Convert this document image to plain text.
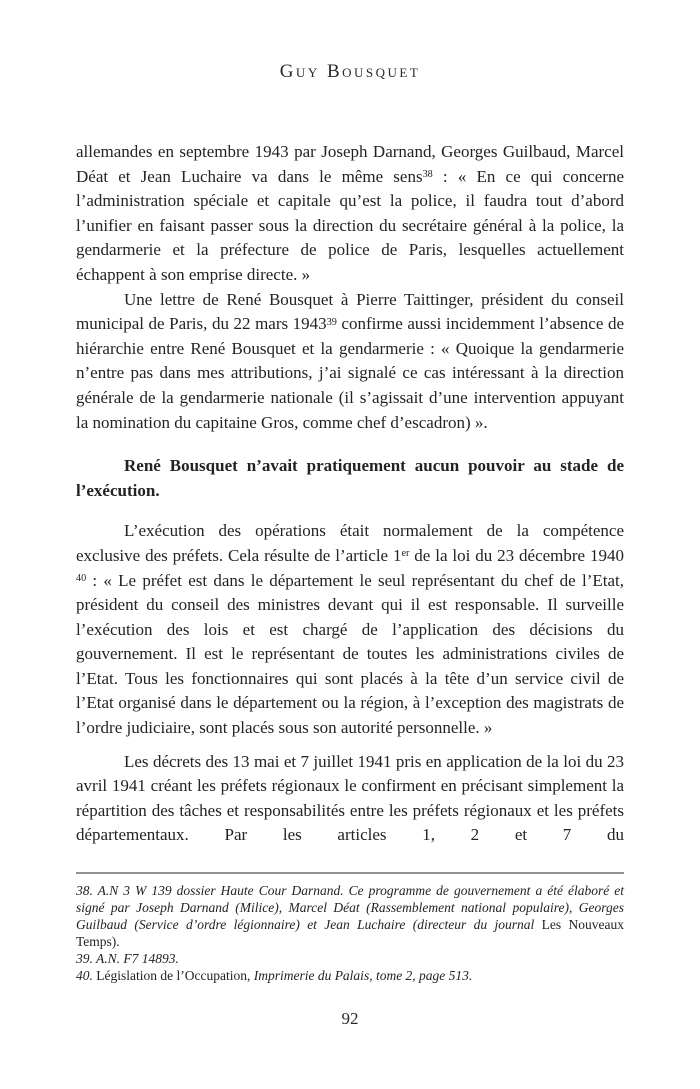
Guy Bousquet

allemandes en septembre 1943 par Joseph Darnand, Georges Guilbaud, Marcel Déat et Jean Luchaire va dans le même sens$^{38}$ : « En ce qui concerne l’administration spéciale et capitale qu’est la police, il faudra tout d’abord l’unifier en faisant passer sous la direction du secrétaire général à la police, la gendarmerie et la préfecture de police de Paris, lesquelles actuellement échappent à son emprise directe. »

Une lettre de René Bousquet à Pierre Taittinger, président du conseil municipal de Paris, du 22 mars 1943$^{39}$ confirme aussi incidemment l’absence de hiérarchie entre René Bousquet et la gendarmerie : « Quoique la gendarmerie n’entre pas dans mes attributions, j’ai signalé ce cas intéressant à la direction générale de la gendarmerie nationale (il s’agissait d’une intervention appuyant la nomination du capitaine Gros, comme chef d’escadron) ».

René Bousquet n’avait pratiquement aucun pouvoir au stade de l’exécution.

L’exécution des opérations était normalement de la compétence exclusive des préfets. Cela résulte de l’article 1er de la loi du 23 décembre 1940 $^{40}$ : « Le préfet est dans le département le seul représentant du chef de l’Etat, président du conseil des ministres devant qui il est responsable. Il surveille l’exécution des lois et est chargé de l’application des décisions du gouvernement. Il est le représentant de toutes les administrations civiles de l’Etat. Tous les fonctionnaires qui sont placés à la tête d’un service civil de l’Etat organisé dans le département ou la région, à l’exception des magistrats de l’ordre judiciaire, sont placés sous son autorité personnelle. »

Les décrets des 13 mai et 7 juillet 1941 pris en application de la loi du 23 avril 1941 créant les préfets régionaux le confirment en précisant simplement la répartition des tâches et responsabilités entre les préfets régionaux et les préfets départementaux. Par les articles 1, 2 et 7 du

38. A.N 3 W 139 dossier Haute Cour Darnand. Ce programme de gouvernement a été élaboré et signé par Joseph Darnand (Milice), Marcel Déat (Rassemblement national populaire), Georges Guilbaud (Service d’ordre légionnaire) et Jean Luchaire (directeur du journal Les Nouveaux Temps).

39. A.N. F7 14893.

40. Législation de l’Occupation, Imprimerie du Palais, tome 2, page 513.

92
